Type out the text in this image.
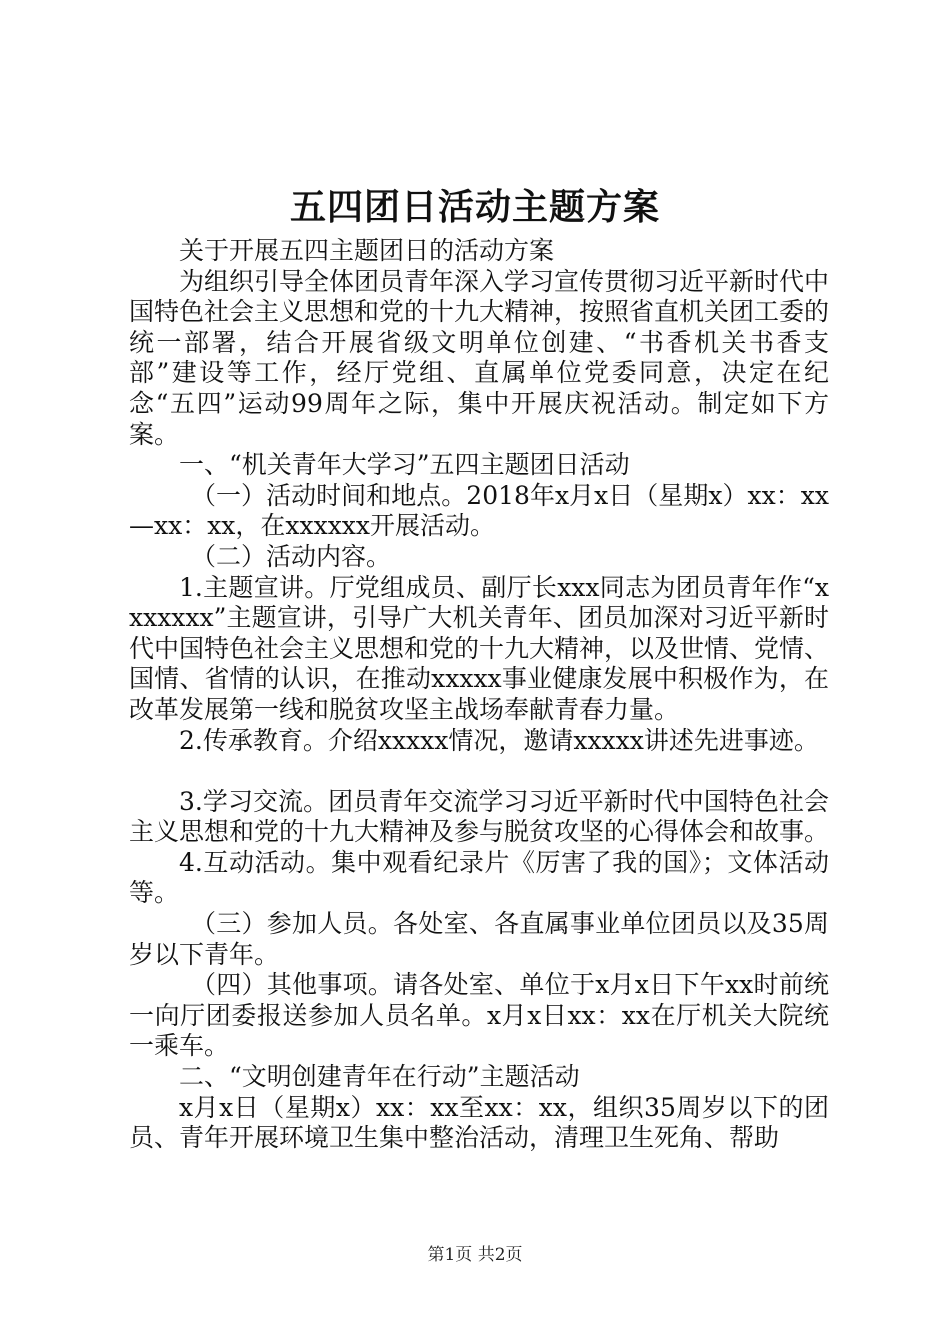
五四团日活动主题方案

关于开展五四主题团日的活动方案

为组织引导全体团员青年深入学习宣传贯彻习近平新时代中国特色社会主义思想和党的十九大精神，按照省直机关团工委的统一部署，结合开展省级文明单位创建、“书香机关书香支部”建设等工作，经厅党组、直属单位党委同意，决定在纪念“五四”运动99周年之际，集中开展庆祝活动。制定如下方案。

一、“机关青年大学习”五四主题团日活动

（一）活动时间和地点。2018年x月x日（星期x）xx：xx—xx：xx，在xxxxxx开展活动。

（二）活动内容。

1.主题宣讲。厅党组成员、副厅长xxx同志为团员青年作“xxxxxxx”主题宣讲，引导广大机关青年、团员加深对习近平新时代中国特色社会主义思想和党的十九大精神，以及世情、党情、国情、省情的认识，在推动xxxxx事业健康发展中积极作为，在改革发展第一线和脱贫攻坚主战场奉献青春力量。

2.传承教育。介绍xxxxx情况，邀请xxxxx讲述先进事迹。

3.学习交流。团员青年交流学习习近平新时代中国特色社会主义思想和党的十九大精神及参与脱贫攻坚的心得体会和故事。

4.互动活动。集中观看纪录片《厉害了我的国》；文体活动等。

（三）参加人员。各处室、各直属事业单位团员以及35周岁以下青年。

（四）其他事项。请各处室、单位于x月x日下午xx时前统一向厅团委报送参加人员名单。x月x日xx：xx在厅机关大院统一乘车。

二、“文明创建青年在行动”主题活动

x月x日（星期x）xx：xx至xx：xx，组织35周岁以下的团员、青年开展环境卫生集中整治活动，清理卫生死角、帮助

第1页 共2页
